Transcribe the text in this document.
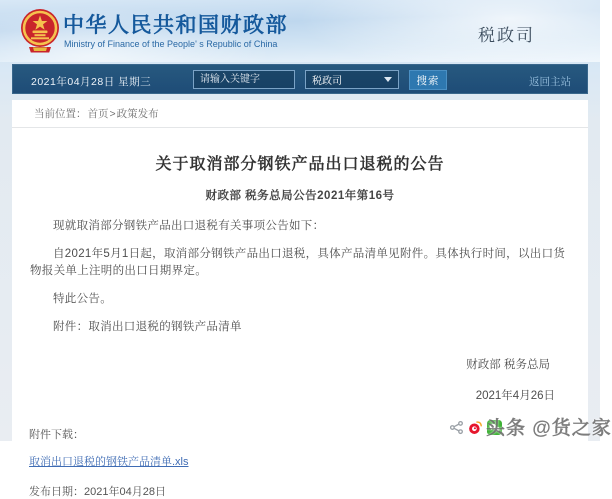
中华人民共和国财政部
Ministry of Finance of the People' s Republic of China	税政司
2021年04月28日 星期三
请输入关键字	税政司	搜索	返回主站
当前位置： 首页 > 政策发布
关于取消部分钢铁产品出口退税的公告
财政部 税务总局公告2021年第16号

现就取消部分钢铁产品出口退税有关事项公告如下：

自2021年5月1日起，取消部分钢铁产品出口退税，具体产品清单见附件。具体执行时间，以出口货物报关单上注明的出口日期界定。

特此公告。

附件：取消出口退税的钢铁产品清单

财政部 税务总局
2021年4月26日
附件下载：
取消出口退税的钢铁产品清单.xls
发布日期：2021年04月28日
头条 @货之家
